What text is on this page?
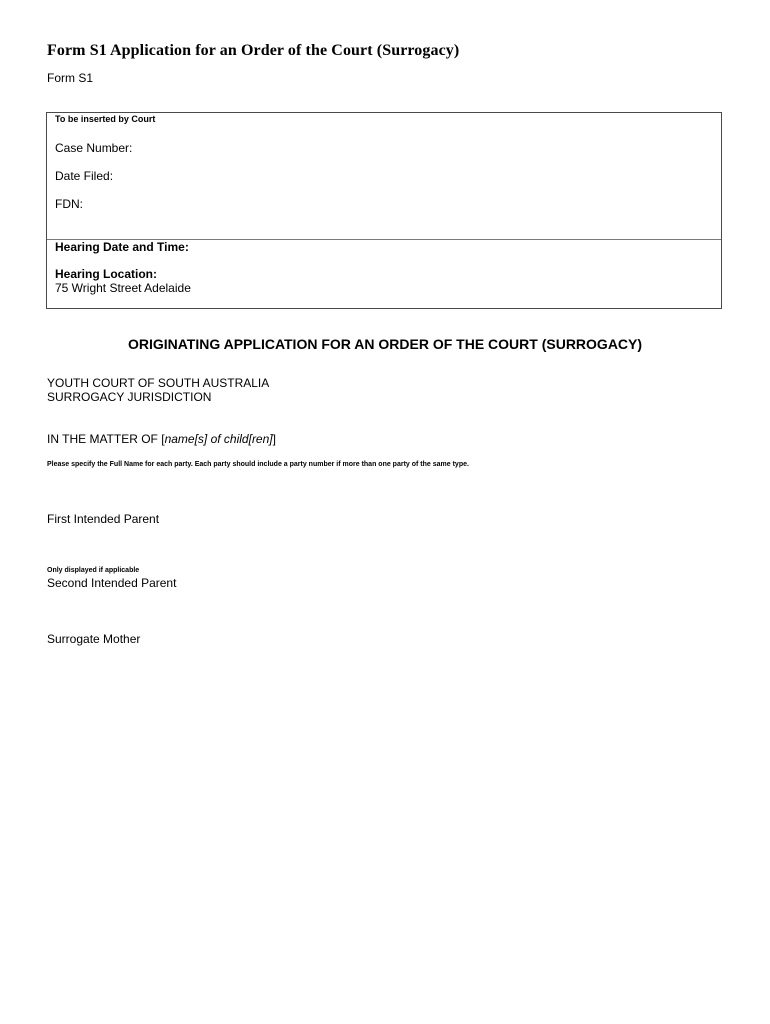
Form S1 Application for an Order of the Court (Surrogacy)
Form S1
To be inserted by Court
Case Number:
Date Filed:
FDN:
Hearing Date and Time:
Hearing Location:
75 Wright Street Adelaide
ORIGINATING APPLICATION FOR AN ORDER OF THE COURT (SURROGACY)
YOUTH COURT OF SOUTH AUSTRALIA
SURROGACY JURISDICTION
IN THE MATTER OF [name[s] of child[ren]]
Please specify the Full Name for each party. Each party should include a party number if more than one party of the same type.
First Intended Parent
Only displayed if applicable
Second Intended Parent
Surrogate Mother
